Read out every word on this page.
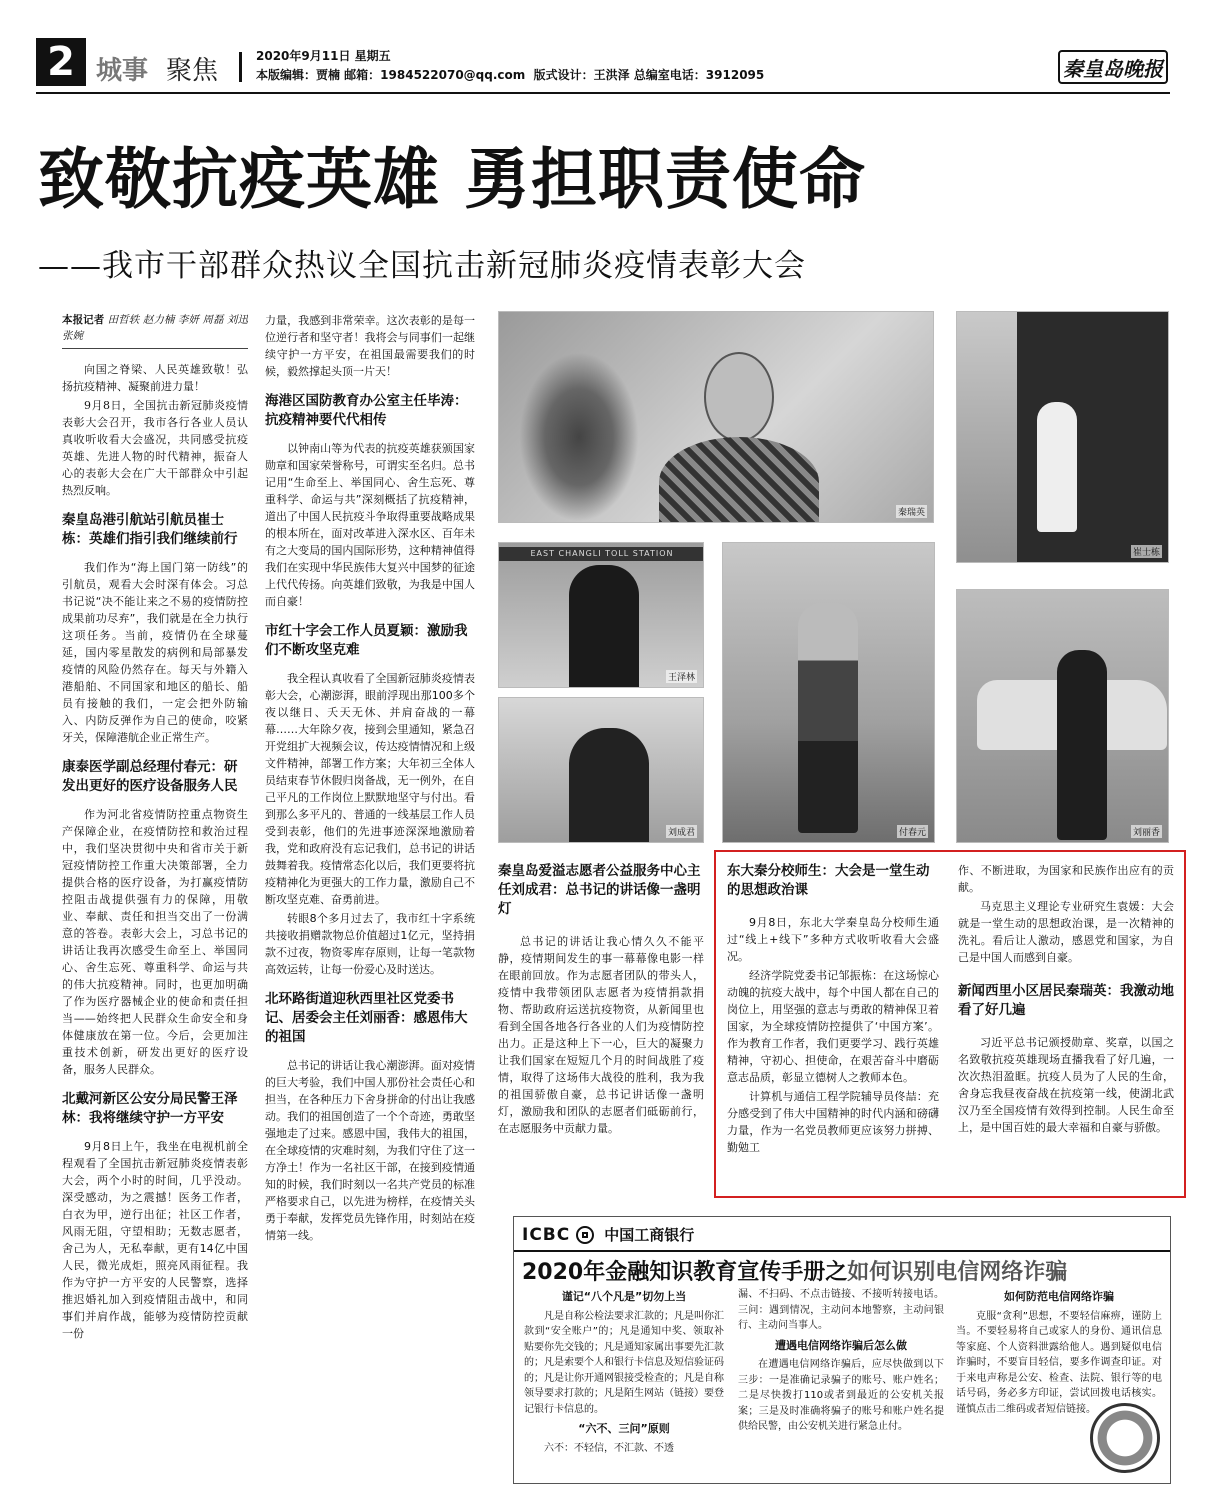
2 城事 聚焦	2020年9月11日 星期五
本版编辑：贾楠 邮箱：1984522070@qq.com  版式设计：王洪泽 总编室电话：3912095	秦皇岛晚报
致敬抗疫英雄 勇担职责使命
——我市干部群众热议全国抗击新冠肺炎疫情表彰大会
本报记者 田哲轶 赵力楠 李妍 周磊 刘迅 张婉

向国之脊梁、人民英雄致敬！弘扬抗疫精神、凝聚前进力量！

9月8日，全国抗击新冠肺炎疫情表彰大会召开，我市各行各业人员认真收听收看大会盛况，共同感受抗疫英雄、先进人物的时代精神，振奋人心的表彰大会在广大干部群众中引起热烈反响。

秦皇岛港引航站引航员崔士栋：英雄们指引我们继续前行

我们作为“海上国门第一防线”的引航员，观看大会时深有体会。习总书记说“决不能让来之不易的疫情防控成果前功尽弃”，我们就是在全力执行这项任务。当前，疫情仍在全球蔓延，国内零星散发的病例和局部暴发疫情的风险仍然存在。每天与外籍入港船舶、不同国家和地区的船长、船员有接触的我们，一定会把外防输入、内防反弹作为自己的使命，咬紧牙关，保障港航企业正常生产。

康泰医学副总经理付春元：研发出更好的医疗设备服务人民

作为河北省疫情防控重点物资生产保障企业，在疫情防控和救治过程中，我们坚决贯彻中央和省市关于新冠疫情防控工作重大决策部署，全力提供合格的医疗设备，为打赢疫情防控阻击战提供强有力的保障，用敬业、奉献、责任和担当交出了一份满意的答卷。表彰大会上，习总书记的讲话让我再次感受生命至上、举国同心、舍生忘死、尊重科学、命运与共的伟大抗疫精神。同时，也更加明确了作为医疗器械企业的使命和责任担当——始终把人民群众生命安全和身体健康放在第一位。今后，会更加注重技术创新，研发出更好的医疗设备，服务人民群众。

北戴河新区公安分局民警王泽林：我将继续守护一方平安

9月8日上午，我坐在电视机前全程观看了全国抗击新冠肺炎疫情表彰大会，两个小时的时间，几乎没动。深受感动，为之震撼！医务工作者，白衣为甲，逆行出征；社区工作者，风雨无阻，守望相助；无数志愿者，舍己为人，无私奉献，更有14亿中国人民，微光成炬，照亮风雨征程。我作为守护一方平安的人民警察，选择推迟婚礼加入到疫情阻击战中，和同事们并肩作战，能够为疫情防控贡献一份

力量，我感到非常荣幸。这次表彰的是每一位逆行者和坚守者！我将会与同事们一起继续守护一方平安，在祖国最需要我们的时候，毅然撑起头顶一片天！

海港区国防教育办公室主任毕涛：抗疫精神要代代相传

以钟南山等为代表的抗疫英雄获颁国家勋章和国家荣誉称号，可谓实至名归。总书记用“生命至上、举国同心、舍生忘死、尊重科学、命运与共”深刻概括了抗疫精神，道出了中国人民抗疫斗争取得重要战略成果的根本所在，面对改革进入深水区、百年未有之大变局的国内国际形势，这种精神值得我们在实现中华民族伟大复兴中国梦的征途上代代传扬。向英雄们致敬，为我是中国人而自豪！

市红十字会工作人员夏颖：激励我们不断攻坚克难

我全程认真收看了全国新冠肺炎疫情表彰大会，心潮澎湃，眼前浮现出那100多个夜以继日、夭天无休、并肩奋战的一幕幕……大年除夕夜，接到会里通知，紧急召开党组扩大视频会议，传达疫情情况和上级文件精神，部署工作方案；大年初三全体人员结束春节休假归岗备战，无一例外，在自己平凡的工作岗位上默默地坚守与付出。看到那么多平凡的、普通的一线基层工作人员受到表彰，他们的先进事迹深深地激励着我，党和政府没有忘记我们，总书记的讲话鼓舞着我。疫情常态化以后，我们更要将抗疫精神化为更强大的工作力量，激励自己不断攻坚克难、奋勇前进。

转眼8个多月过去了，我市红十字系统共接收捐赠款物总价值超过1亿元，坚持捐款不过夜，物资零库存原则，让每一笔款物高效运转，让每一份爱心及时送达。

北环路街道迎秋西里社区党委书记、居委会主任刘丽香：感恩伟大的祖国

总书记的讲话让我心潮澎湃。面对疫情的巨大考验，我们中国人那份社会责任心和担当，在各种压力下舍身拼命的付出让我感动。我们的祖国创造了一个个奇迹，勇敢坚强地走了过来。感恩中国，我伟大的祖国，在全球疫情的灾难时刻，为我们守住了这一方净土！作为一名社区干部，在接到疫情通知的时候，我们时刻以一名共产党员的标准严格要求自己，以先进为榜样，在疫情关头勇于奉献，发挥党员先锋作用，时刻站在疫情第一线。

秦瑞英
崔士栋
EAST CHANGLI TOLL STATION
王泽林
刘成君	付春元	刘丽香
秦皇岛爱溢志愿者公益服务中心主任刘成君：总书记的讲话像一盏明灯

总书记的讲话让我心情久久不能平静，疫情期间发生的事一幕幕像电影一样在眼前回放。作为志愿者团队的带头人，疫情中我带领团队志愿者为疫情捐款捐物、帮助政府运送抗疫物资，从新闻里也看到全国各地各行各业的人们为疫情防控出力。正是这种上下一心，巨大的凝聚力让我们国家在短短几个月的时间战胜了疫情，取得了这场伟大战役的胜利，我为我的祖国骄傲自豪，总书记讲话像一盏明灯，激励我和团队的志愿者们砥砺前行，在志愿服务中贡献力量。

东大秦分校师生：大会是一堂生动的思想政治课

9月8日，东北大学秦皇岛分校师生通过“线上+线下”多种方式收听收看大会盛况。

经济学院党委书记邹振栋：在这场惊心动魄的抗疫大战中，每个中国人都在自己的岗位上，用坚强的意志与勇敢的精神保卫着国家，为全球疫情防控提供了‘中国方案’。作为教育工作者，我们更要学习、践行英雄精神，守初心、担使命，在艰苦奋斗中磨砺意志品质，彰显立德树人之教师本色。

计算机与通信工程学院辅导员佟喆：充分感受到了伟大中国精神的时代内涵和磅礴力量，作为一名党员教师更应该努力拼搏、勤勉工

作、不断进取，为国家和民族作出应有的贡献。

马克思主义理论专业研究生袁媛：大会就是一堂生动的思想政治课，是一次精神的洗礼。看后让人激动，感恩党和国家，为自己是中国人而感到自豪。

新闻西里小区居民秦瑞英：我激动地看了好几遍

习近平总书记颁授勋章、奖章，以国之名致敬抗疫英雄现场直播我看了好几遍，一次次热泪盈眶。抗疫人员为了人民的生命，舍身忘我昼夜奋战在抗疫第一线，使湖北武汉乃至全国疫情有效得到控制。人民生命至上，是中国百姓的最大幸福和自豪与骄傲。

ICBC 中国工商银行
2020年金融知识教育宣传手册之如何识别电信网络诈骗
谨记“八个凡是”切勿上当

凡是自称公检法要求汇款的；凡是叫你汇款到“安全账户”的；凡是通知中奖、领取补贴要你先交钱的；凡是通知家属出事要先汇款的；凡是索要个人和银行卡信息及短信验证码的；凡是让你开通网银接受检查的；凡是自称领导要求打款的；凡是陌生网站（链接）要登记银行卡信息的。

“六不、三问”原则

六不：不轻信，不汇款、不透

漏、不扫码、不点击链接、不接听转接电话。三问：遇到情况，主动问本地警察，主动问银行、主动问当事人。

遭遇电信网络诈骗后怎么做

在遭遇电信网络诈骗后，应尽快做到以下三步：一是准确记录骗子的账号、账户姓名；二是尽快拨打110或者到最近的公安机关报案；三是及时准确将骗子的账号和账户姓名提供给民警，由公安机关进行紧急止付。

如何防范电信网络诈骗

克服“贪利”思想，不要轻信麻痹，谨防上当。不要轻易将自己或家人的身份、通讯信息等家庭、个人资料泄露给他人。遇到疑似电信诈骗时，不要盲目轻信，要多作调查印证。对于来电声称是公安、检查、法院、银行等的电话号码，务必多方印证，尝试回拨电话核实。谨慎点击二维码或者短信链接。
